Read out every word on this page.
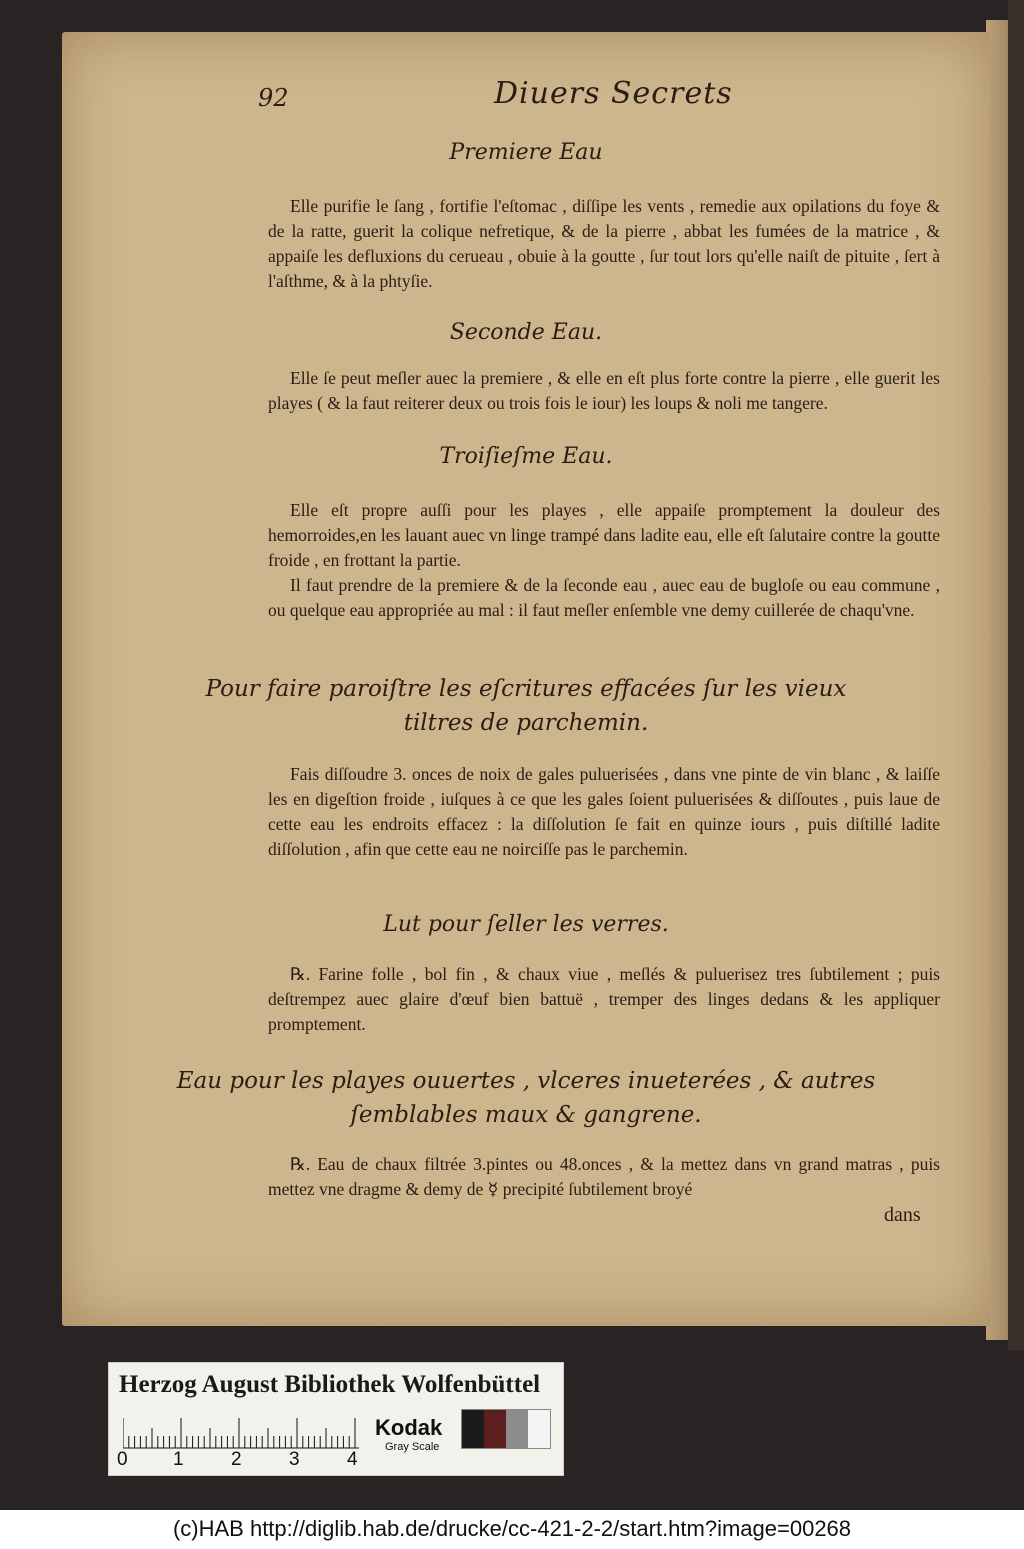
92	Diuers Secrets
Premiere Eau

Elle purifie le ſang , fortifie l'eſtomac , diſſipe les vents , remedie aux opilations du foye & de la ratte, guerit la colique nefretique, & de la pierre , abbat les fumées de la matrice , & appaiſe les defluxions du cerueau , obuie à la goutte , ſur tout lors qu'elle naiſt de pituite , ſert à l'aſthme, & à la phtyſie.

Seconde Eau.

Elle ſe peut meſler auec la premiere , & elle en eſt plus forte contre la pierre , elle guerit les playes ( & la faut reiterer deux ou trois fois le iour) les loups & noli me tangere.

Troiſieſme Eau.

Elle eſt propre auſſi pour les playes , elle appaiſe promptement la douleur des hemorroides,en les lauant auec vn linge trampé dans ladite eau, elle eſt ſalutaire contre la goutte froide , en frottant la partie.

Il faut prendre de la premiere & de la ſeconde eau , auec eau de bugloſe ou eau commune , ou quelque eau appropriée au mal : il faut meſler enſemble vne demy cuillerée de chaqu'vne.

Pour faire paroiſtre les eſcritures effacées ſur les vieux
tiltres de parchemin.

Fais diſſoudre 3. onces de noix de gales puluerisées , dans vne pinte de vin blanc , & laiſſe les en digeſtion froide , iuſques à ce que les gales ſoient puluerisées & diſſoutes , puis laue de cette eau les endroits effacez : la diſſolution ſe fait en quinze iours , puis diſtillé ladite diſſolution , afin que cette eau ne noirciſſe pas le parchemin.

Lut pour ſeller les verres.

℞. Farine folle , bol fin , & chaux viue , meſlés & puluerisez tres ſubtilement ; puis deſtrempez auec glaire d'œuf bien battuë , tremper des linges dedans & les appliquer promptement.

Eau pour les playes ouuertes , vlceres inueterées , & autres
ſemblables maux & gangrene.

℞. Eau de chaux filtrée 3.pintes ou 48.onces , & la mettez dans vn grand matras , puis mettez vne dragme & demy de ☿ precipité ſubtilement broyé

dans
Herzog August Bibliothek Wolfenbüttel
0 1 2 3 4
Kodak
Gray Scale
(c)HAB http://diglib.hab.de/drucke/cc-421-2-2/start.htm?image=00268
